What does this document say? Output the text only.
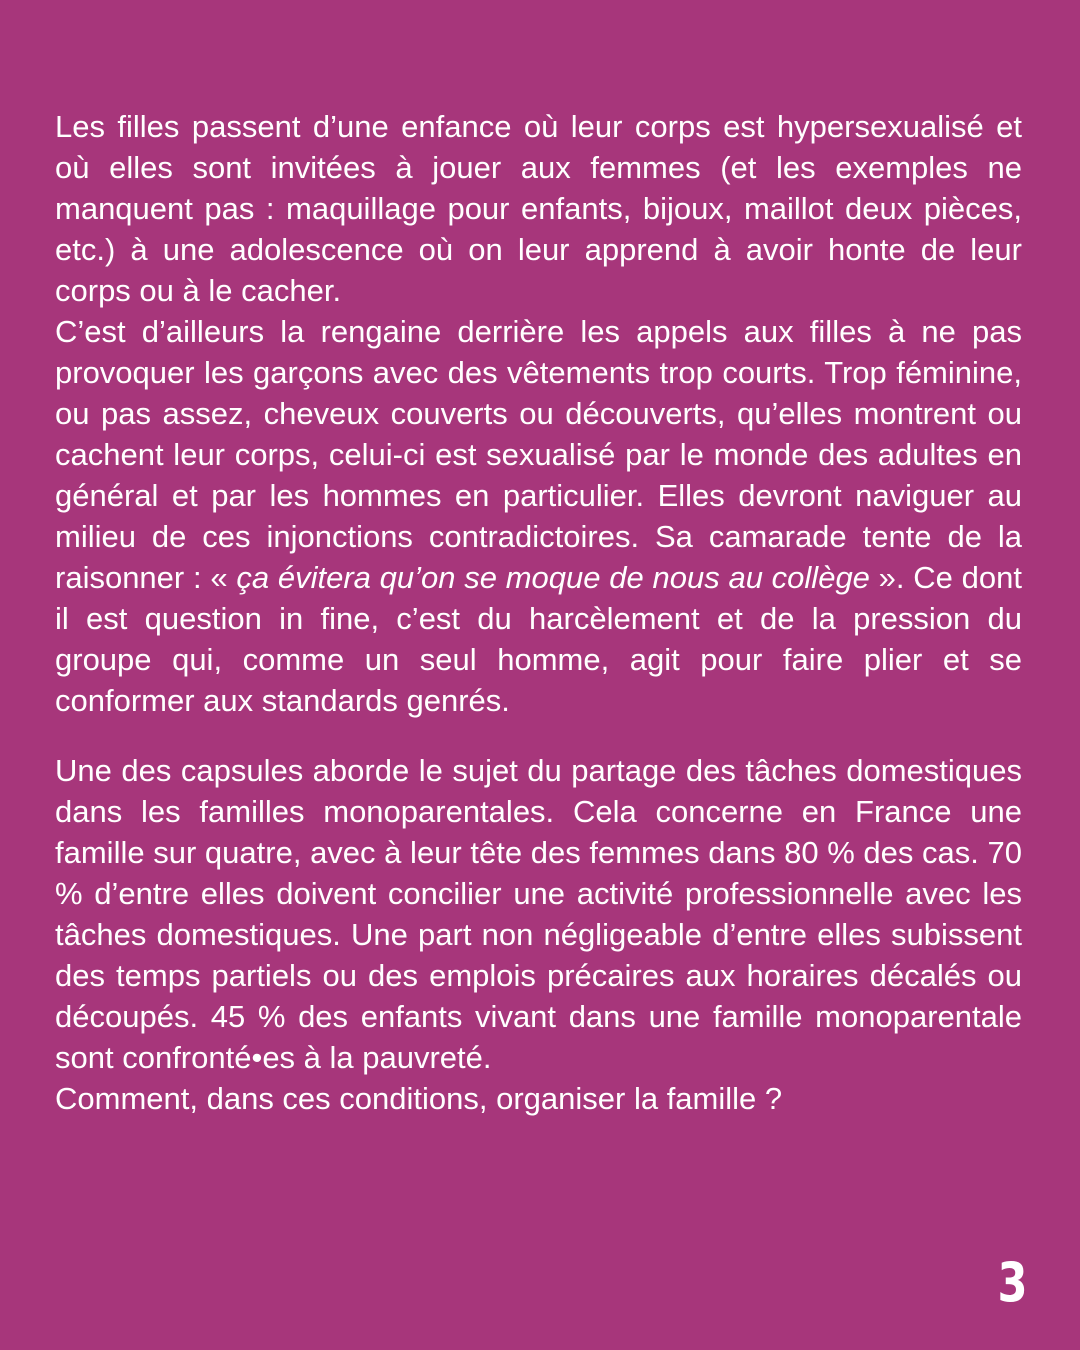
Les filles passent d’une enfance où leur corps est hypersexualisé et où elles sont invitées à jouer aux femmes (et les exemples ne manquent pas : maquillage pour enfants, bijoux, maillot deux pièces, etc.) à une adolescence où on leur apprend à avoir honte de leur corps ou à le cacher.

C’est d’ailleurs la rengaine derrière les appels aux filles à ne pas provoquer les garçons avec des vêtements trop courts. Trop féminine, ou pas assez, cheveux couverts ou découverts, qu’elles montrent ou cachent leur corps, celui-ci est sexualisé par le monde des adultes en général et par les hommes en particulier. Elles devront naviguer au milieu de ces injonctions contradictoires. Sa camarade tente de la raisonner : « ça évitera qu’on se moque de nous au collège ». Ce dont il est question in fine, c’est du harcèlement et de la pression du groupe qui, comme un seul homme, agit pour faire plier et se conformer aux standards genrés.

Une des capsules aborde le sujet du partage des tâches domestiques dans les familles monoparentales. Cela concerne en France une famille sur quatre, avec à leur tête des femmes dans 80 % des cas. 70 % d’entre elles doivent concilier une activité professionnelle avec les tâches domestiques. Une part non négligeable d’entre elles subissent des temps partiels ou des emplois précaires aux horaires décalés ou découpés. 45 % des enfants vivant dans une famille monoparentale sont confronté•es à la pauvreté.

Comment, dans ces conditions, organiser la famille ?

3
